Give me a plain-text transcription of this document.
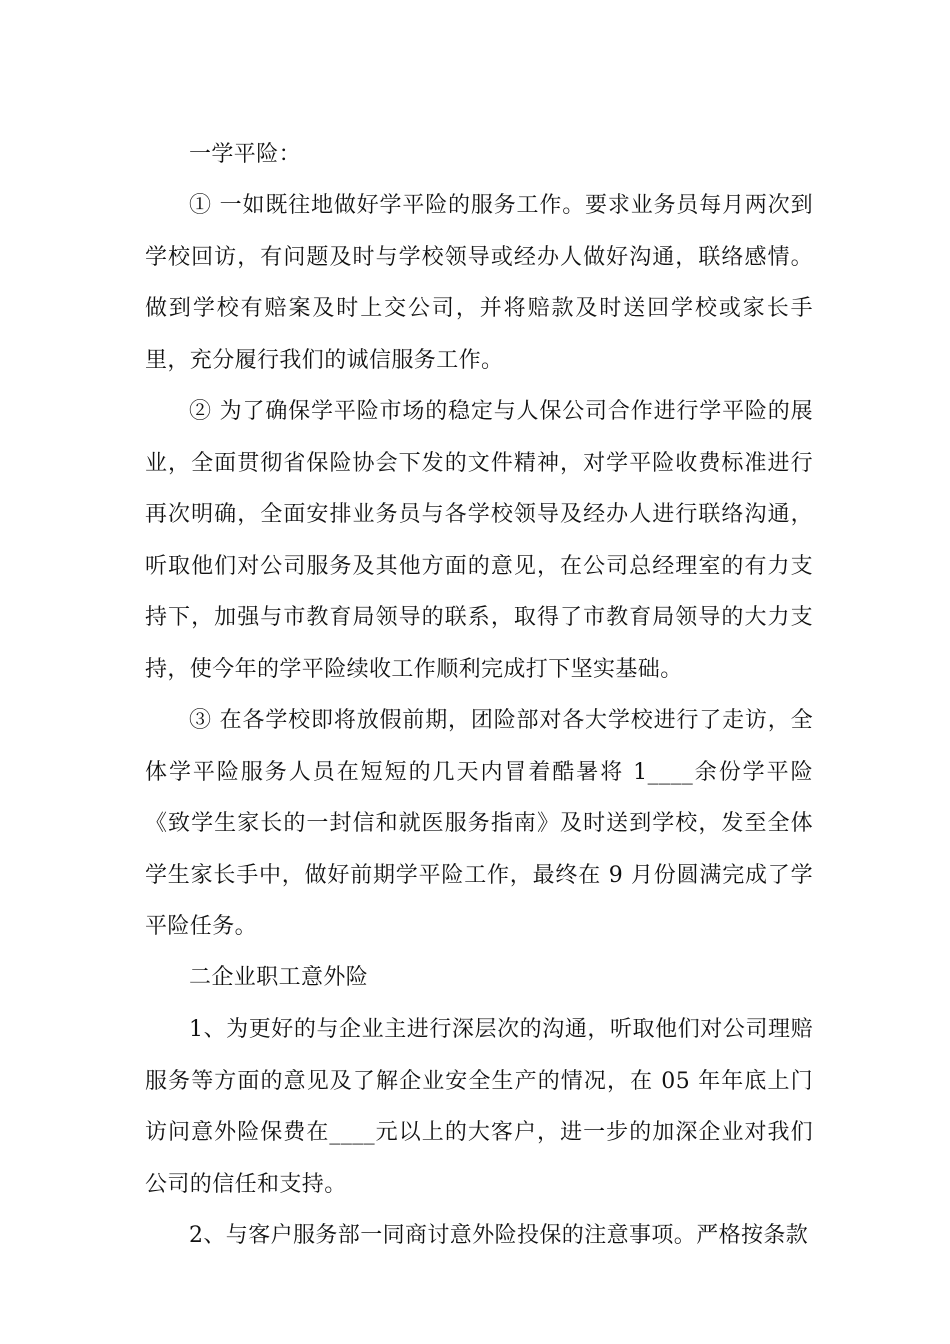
一学平险：

① 一如既往地做好学平险的服务工作。要求业务员每月两次到学校回访，有问题及时与学校领导或经办人做好沟通，联络感情。做到学校有赔案及时上交公司，并将赔款及时送回学校或家长手里，充分履行我们的诚信服务工作。

② 为了确保学平险市场的稳定与人保公司合作进行学平险的展业，全面贯彻省保险协会下发的文件精神，对学平险收费标准进行再次明确，全面安排业务员与各学校领导及经办人进行联络沟通，听取他们对公司服务及其他方面的意见，在公司总经理室的有力支持下，加强与市教育局领导的联系，取得了市教育局领导的大力支持，使今年的学平险续收工作顺利完成打下坚实基础。

③ 在各学校即将放假前期，团险部对各大学校进行了走访，全体学平险服务人员在短短的几天内冒着酷暑将 1____余份学平险《致学生家长的一封信和就医服务指南》及时送到学校，发至全体学生家长手中，做好前期学平险工作，最终在 9 月份圆满完成了学平险任务。

二企业职工意外险

1、为更好的与企业主进行深层次的沟通，听取他们对公司理赔服务等方面的意见及了解企业安全生产的情况，在 05 年年底上门访问意外险保费在____元以上的大客户，进一步的加深企业对我们公司的信任和支持。

2、与客户服务部一同商讨意外险投保的注意事项。严格按条款
